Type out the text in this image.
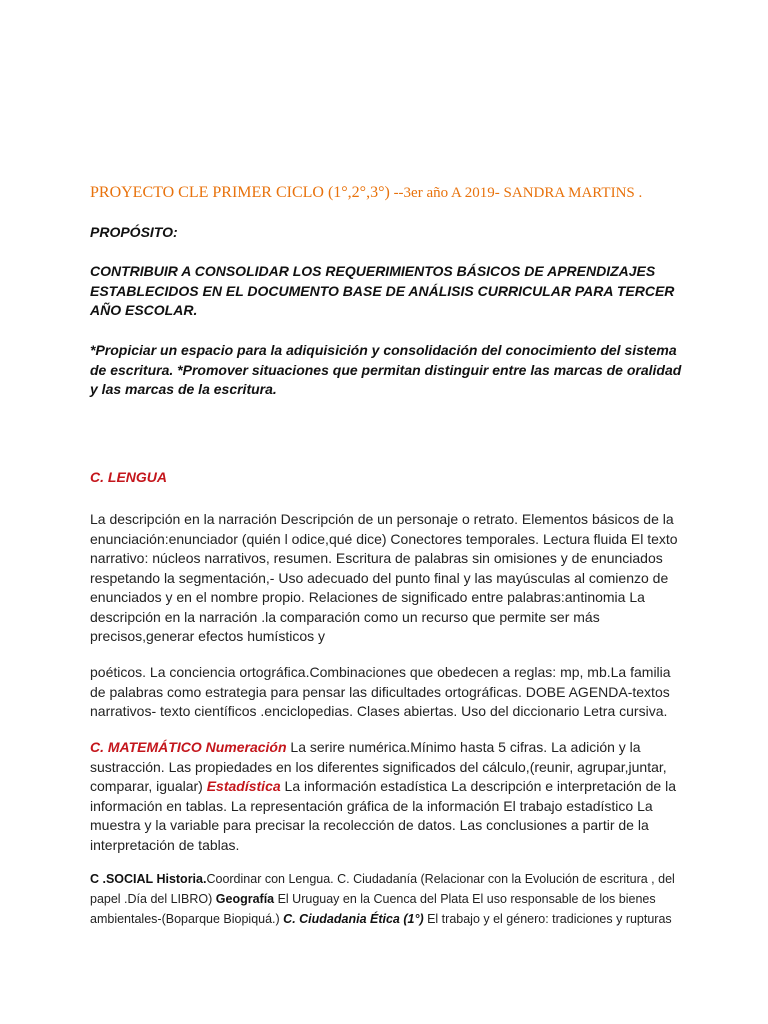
PROYECTO CLE PRIMER CICLO (1°,2°,3°) --3er año A 2019- SANDRA MARTINS .
PROPÓSITO:
CONTRIBUIR A CONSOLIDAR LOS REQUERIMIENTOS BÁSICOS DE APRENDIZAJES ESTABLECIDOS EN EL DOCUMENTO BASE DE ANÁLISIS CURRICULAR PARA TERCER AÑO ESCOLAR.
*Propiciar un espacio para la adiquisición y consolidación del conocimiento del sistema de escritura. *Promover situaciones que permitan distinguir entre las marcas de oralidad y las marcas de la escritura.
C. LENGUA
La descripción en la narración Descripción de un personaje o retrato. Elementos básicos de la enunciación:enunciador (quién l odice,qué dice) Conectores temporales. Lectura fluida El texto narrativo: núcleos narrativos, resumen. Escritura de palabras sin omisiones y de enunciados respetando la segmentación,- Uso adecuado del punto final y las mayúsculas al comienzo de enunciados y en el nombre propio. Relaciones de significado entre palabras:antinomia La descripción en la narración .la comparación como un recurso que permite ser más precisos,generar efectos humísticos y
poéticos. La conciencia ortográfica.Combinaciones que obedecen a reglas: mp, mb.La familia de palabras como estrategia para pensar las dificultades ortográficas. DOBE AGENDA-textos narrativos- texto científicos .enciclopedias. Clases abiertas. Uso del diccionario Letra cursiva.
C. MATEMÁTICO Numeración La serire numérica.Mínimo hasta 5 cifras. La adición y la sustracción. Las propiedades en los diferentes significados del cálculo,(reunir, agrupar,juntar, comparar, igualar) Estadística La información estadística La descripción e interpretación de la información en tablas. La representación gráfica de la información El trabajo estadístico La muestra y la variable para precisar la recolección de datos. Las conclusiones a partir de la interpretación de tablas.
C .SOCIAL Historia.Coordinar con Lengua. C. Ciudadanía (Relacionar con la Evolución de escritura , del papel .Día del LIBRO) Geografía El Uruguay en la Cuenca del Plata El uso responsable de los bienes ambientales-(Boparque Biopiquá.) C. Ciudadania Ética (1°) El trabajo y el género: tradiciones y rupturas
